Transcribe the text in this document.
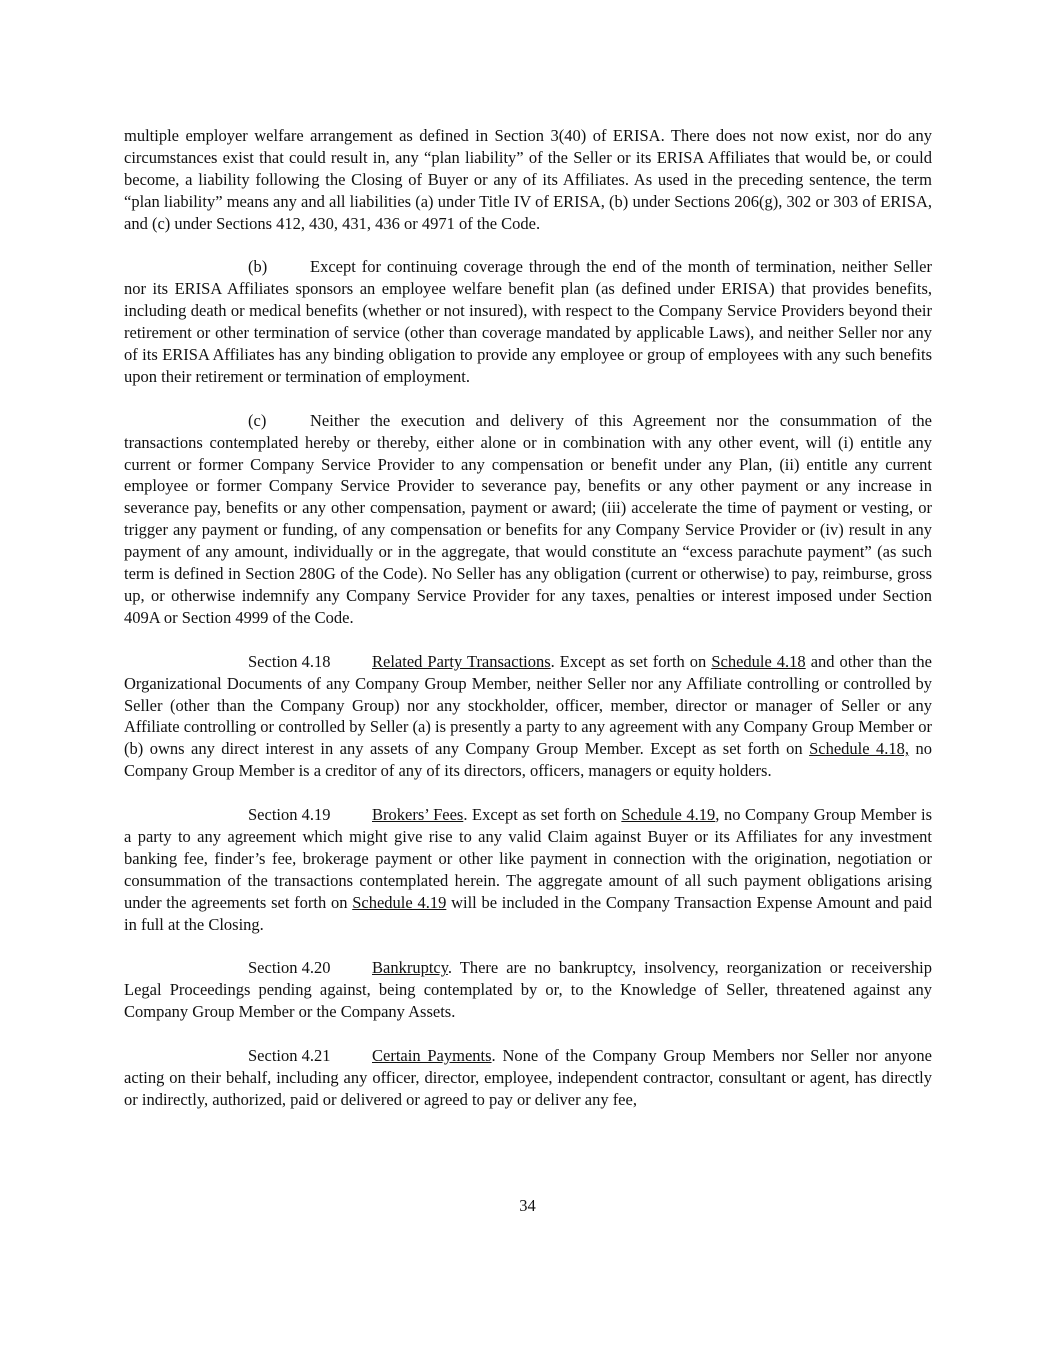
multiple employer welfare arrangement as defined in Section 3(40) of ERISA. There does not now exist, nor do any circumstances exist that could result in, any “plan liability” of the Seller or its ERISA Affiliates that would be, or could become, a liability following the Closing of Buyer or any of its Affiliates. As used in the preceding sentence, the term “plan liability” means any and all liabilities (a) under Title IV of ERISA, (b) under Sections 206(g), 302 or 303 of ERISA, and (c) under Sections 412, 430, 431, 436 or 4971 of the Code.

(b)	Except for continuing coverage through the end of the month of termination, neither Seller nor its ERISA Affiliates sponsors an employee welfare benefit plan (as defined under ERISA) that provides benefits, including death or medical benefits (whether or not insured), with respect to the Company Service Providers beyond their retirement or other termination of service (other than coverage mandated by applicable Laws), and neither Seller nor any of its ERISA Affiliates has any binding obligation to provide any employee or group of employees with any such benefits upon their retirement or termination of employment.

(c)	Neither the execution and delivery of this Agreement nor the consummation of the transactions contemplated hereby or thereby, either alone or in combination with any other event, will (i) entitle any current or former Company Service Provider to any compensation or benefit under any Plan, (ii) entitle any current employee or former Company Service Provider to severance pay, benefits or any other payment or any increase in severance pay, benefits or any other compensation, payment or award; (iii) accelerate the time of payment or vesting, or trigger any payment or funding, of any compensation or benefits for any Company Service Provider or (iv) result in any payment of any amount, individually or in the aggregate, that would constitute an “excess parachute payment” (as such term is defined in Section 280G of the Code). No Seller has any obligation (current or otherwise) to pay, reimburse, gross up, or otherwise indemnify any Company Service Provider for any taxes, penalties or interest imposed under Section 409A or Section 4999 of the Code.

Section 4.18	Related Party Transactions. Except as set forth on Schedule 4.18 and other than the Organizational Documents of any Company Group Member, neither Seller nor any Affiliate controlling or controlled by Seller (other than the Company Group) nor any stockholder, officer, member, director or manager of Seller or any Affiliate controlling or controlled by Seller (a) is presently a party to any agreement with any Company Group Member or (b) owns any direct interest in any assets of any Company Group Member. Except as set forth on Schedule 4.18, no Company Group Member is a creditor of any of its directors, officers, managers or equity holders.

Section 4.19	Brokers’ Fees. Except as set forth on Schedule 4.19, no Company Group Member is a party to any agreement which might give rise to any valid Claim against Buyer or its Affiliates for any investment banking fee, finder’s fee, brokerage payment or other like payment in connection with the origination, negotiation or consummation of the transactions contemplated herein. The aggregate amount of all such payment obligations arising under the agreements set forth on Schedule 4.19 will be included in the Company Transaction Expense Amount and paid in full at the Closing.

Section 4.20	Bankruptcy. There are no bankruptcy, insolvency, reorganization or receivership Legal Proceedings pending against, being contemplated by or, to the Knowledge of Seller, threatened against any Company Group Member or the Company Assets.

Section 4.21	Certain Payments. None of the Company Group Members nor Seller nor anyone acting on their behalf, including any officer, director, employee, independent contractor, consultant or agent, has directly or indirectly, authorized, paid or delivered or agreed to pay or deliver any fee,

34
